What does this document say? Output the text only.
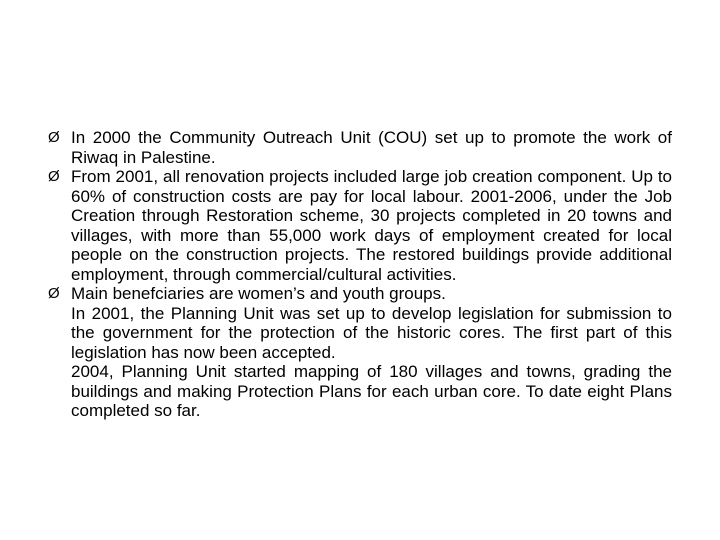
Ø In 2000 the Community Outreach Unit (COU) set up to promote the work of Riwaq in Palestine.

Ø From 2001, all renovation projects included large job creation component. Up to 60% of construction costs are pay for local labour. 2001-2006, under the Job Creation through Restoration scheme, 30 projects completed in 20 towns and villages, with more than 55,000 work days of employment created for local people on the construction projects. The restored buildings provide additional employment, through commercial/cultural activities.

Ø Main benefciaries are women’s and youth groups.

In 2001, the Planning Unit was set up to develop legislation for submission to the government for the protection of the historic cores. The first part of this legislation has now been accepted.

2004, Planning Unit started mapping of 180 villages and towns, grading the buildings and making Protection Plans for each urban core. To date eight Plans completed so far.
